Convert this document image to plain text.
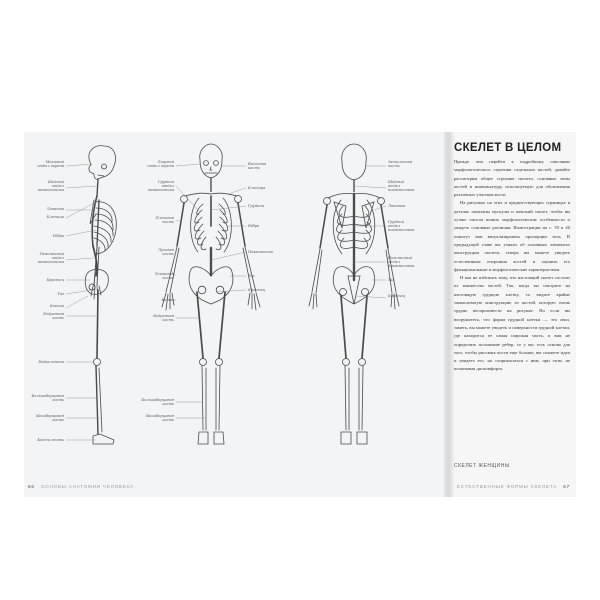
Мозговой
отдел черепа
Шейный
отдел
позвоночника
Лопатка
Ключица
Рёбра
Поясничный
отдел
позвоночника
Крестец
Таз
Бедренная
кость
Копчик
Надколенник
Большеберцовая
кость
Малоберцовая
кость
Кости стопы
Лицевой
отдел черепа
Грудной
отдел
позвоночника
Плечевая
кость
Лучевая
кость
Локтевая
кость
Кисть
Бедренная
кость
Большеберцовая
кость
Малоберцовая
кость
Височная
кость
Ключица
Грудина
Рёбра
Позвоночник
Таз
Крестец
Затылочная
кость
Шейный
отдел
позвоночника
Лопатка
Грудной
отдел
позвоночника
Поясничный
отдел
позвоночника
Таз
Крестец
СКЕЛЕТ В ЦЕЛОМ

Прежде чем перейти к подробному описанию морфологического строения отдельных костей, давайте рассмотрим общее строение скелета, основные типы костей и номенклатуру, используемую для обозначения различных участков кости.

На рисунках на этих и предшествующих страницах в деталях показаны мускулы и женский скелет, чтобы вы лучше смогли понять морфологические особенности и увидеть основные различия. Иллюстрации на с. 39 и 40 помогут вам визуализировать пропорции тела. В предыдущей главе вы узнали об основных элементах конструкции скелета, теперь вы можете увидеть естественные очертания костей и оценить его функциональные и морфологические характеристики.

И как не избежать тому, что настоящий скелет состоит из множества частей. Так, когда вы смотрите на настоящую грудную клетку, то видите крайне замысловатую конструкцию из костей, которую очень трудно воспроизвести на рисунке. Но если вы вооружитесь, что форма грудной клетки — это овал, заметь, вы можете увидеть и поверхности грудной клетки, где находится ее самая широкая часть, и вам не определить положение ребер, то у вас есть основа для того, чтобы рисовать кости еще больше, вы сможете идти и увидеть его, но соприкасаться с ним, при этом, не испытывая дискомфорта.

СКЕЛЕТ ЖЕНЩИНЫ
66 ОСНОВЫ АНАТОМИИ ЧЕЛОВЕКА	ЕСТЕСТВЕННЫЕ ФОРМЫ СКЕЛЕТА 67
